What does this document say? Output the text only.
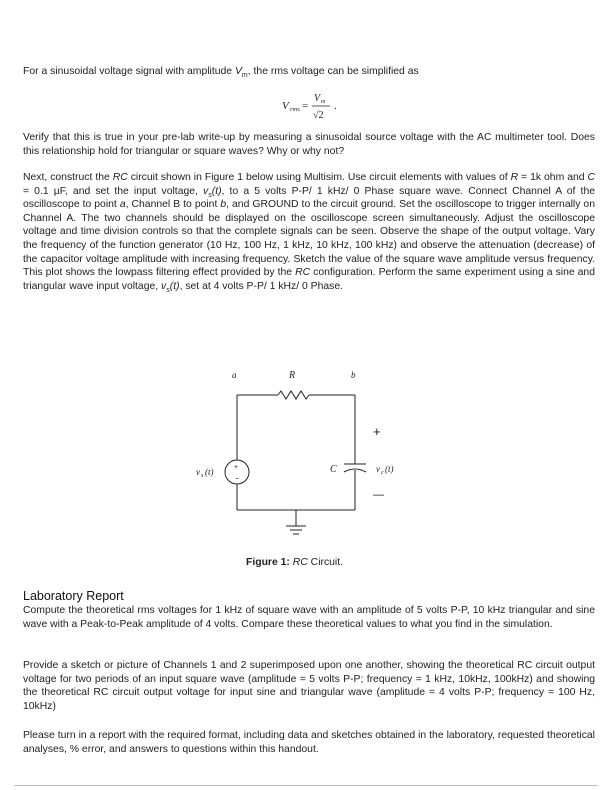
For a sinusoidal voltage signal with amplitude $V_m$, the rms voltage can be simplified as

V rms =
V m
√2
.

Verify that this is true in your pre-lab write-up by measuring a sinusoidal source voltage with the AC multimeter tool. Does this relationship hold for triangular or square waves? Why or why not?

Next, construct the RC circuit shown in Figure 1 below using Multisim. Use circuit elements with values of R = 1k ohm and C = 0.1 µF, and set the input voltage, $v_s(t)$, to a 5 volts P-P/ 1 kHz/ 0 Phase square wave. Connect Channel A of the oscilloscope to point a, Channel B to point b, and GROUND to the circuit ground. Set the oscilloscope to trigger internally on Channel A. The two channels should be displayed on the oscilloscope screen simultaneously. Adjust the oscilloscope voltage and time division controls so that the complete signals can be seen. Observe the shape of the output voltage. Vary the frequency of the function generator (10 Hz, 100 Hz, 1 kHz, 10 kHz, 100 kHz) and observe the attenuation (decrease) of the capacitor voltage amplitude with increasing frequency. Sketch the value of the square wave amplitude versus frequency. This plot shows the lowpass filtering effect provided by the RC configuration. Perform the same experiment using a sine and triangular wave input voltage, $v_s(t)$, set at 4 volts P-P/ 1 kHz/ 0 Phase.

a	b
R
C
v s (t)	v c (t)
+
—
+
−
Figure 1: RC Circuit.
Laboratory Report

Compute the theoretical rms voltages for 1 kHz of square wave with an amplitude of 5 volts P-P, 10 kHz triangular and sine wave with a Peak-to-Peak amplitude of 4 volts. Compare these theoretical values to what you find in the simulation.

Provide a sketch or picture of Channels 1 and 2 superimposed upon one another, showing the theoretical RC circuit output voltage for two periods of an input square wave (amplitude = 5 volts P-P; frequency = 1 kHz, 10kHz, 100kHz) and showing the theoretical RC circuit output voltage for input sine and triangular wave (amplitude = 4 volts P-P; frequency = 100 Hz, 10kHz)

Please turn in a report with the required format, including data and sketches obtained in the laboratory, requested theoretical analyses, % error, and answers to questions within this handout.
